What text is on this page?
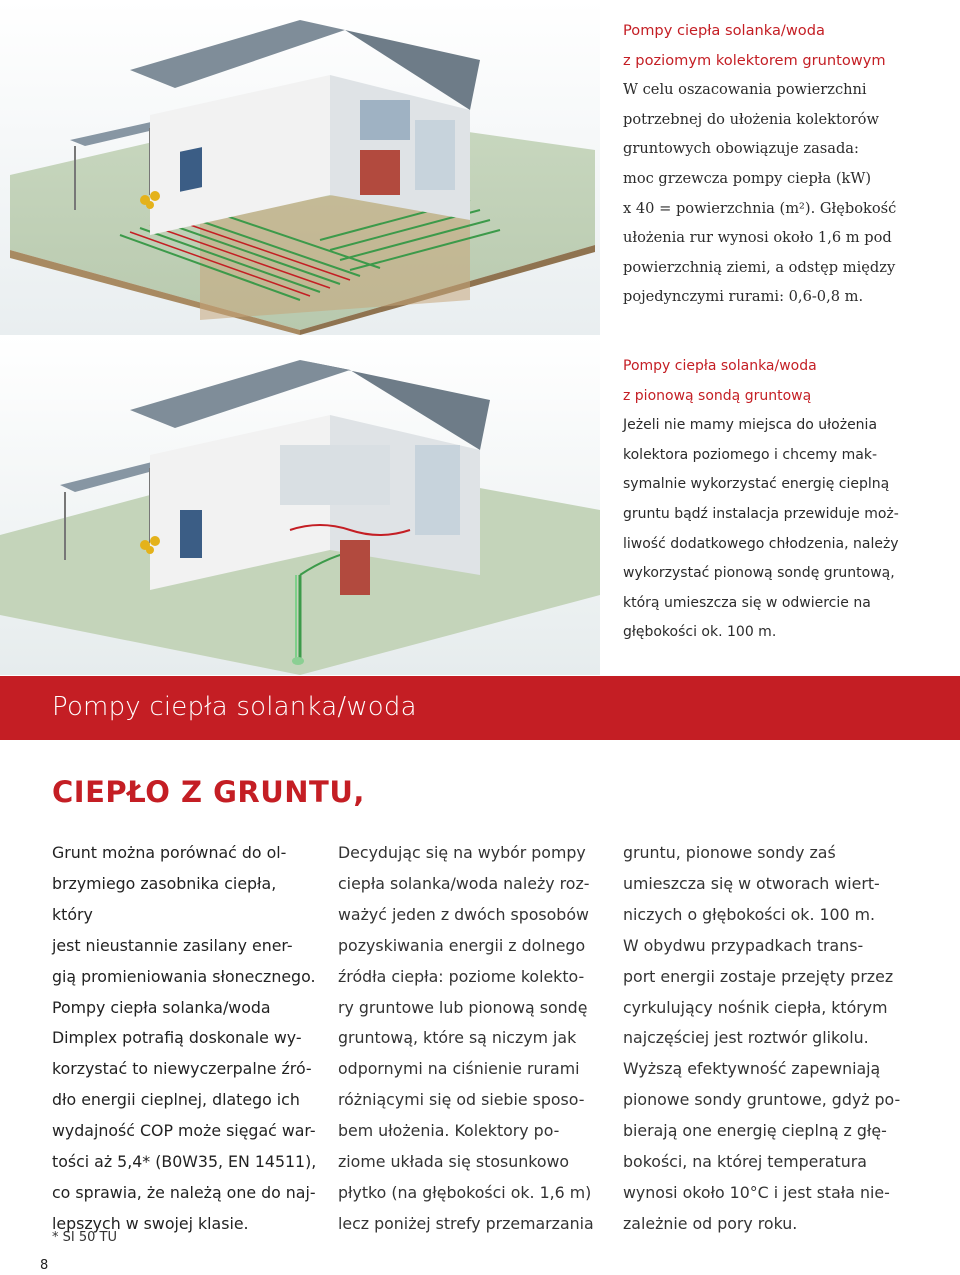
Pompy ciepła solanka/woda
z poziomym kolektorem gruntowym
W celu oszacowania powierzchni
potrzebnej do ułożenia kolektorów
gruntowych obowiązuje zasada:
moc grzewcza pompy ciepła (kW)
x 40 = powierzchnia (m²). Głębokość
ułożenia rur wynosi około 1,6 m pod
powierzchnią ziemi, a odstęp między
pojedynczymi rurami: 0,6-0,8 m.
Pompy ciepła solanka/woda
z pionową sondą gruntową
Jeżeli nie mamy miejsca do ułożenia
kolektora poziomego i chcemy mak-
symalnie wykorzystać energię cieplną
gruntu bądź instalacja przewiduje moż-
liwość dodatkowego chłodzenia, należy
wykorzystać pionową sondę gruntową,
którą umieszcza się w odwiercie na
głębokości ok. 100 m.
Pompy ciepła solanka/woda
CIEPŁO Z GRUNTU,
Grunt można porównać do ol-
brzymiego zasobnika ciepła, który
jest nieustannie zasilany ener-
gią promieniowania słonecznego.
Pompy ciepła solanka/woda
Dimplex potrafią doskonale wy-
korzystać to niewyczerpalne źró-
dło energii cieplnej, dlatego ich
wydajność COP może sięgać war-
tości aż 5,4* (B0W35, EN 14511),
co sprawia, że należą one do naj-
lepszych w swojej klasie.
Decydując się na wybór pompy
ciepła solanka/woda należy roz-
ważyć jeden z dwóch sposobów
pozyskiwania energii z dolnego
źródła ciepła: poziome kolekto-
ry gruntowe lub pionową sondę
gruntową, które są niczym jak
odpornymi na ciśnienie rurami
różniącymi się od siebie sposo-
bem ułożenia. Kolektory po-
ziome układa się stosunkowo
płytko (na głębokości ok. 1,6 m)
lecz poniżej strefy przemarzania
gruntu, pionowe sondy zaś
umieszcza się w otworach wiert-
niczych o głębokości ok. 100 m.
W obydwu przypadkach trans-
port energii zostaje przejęty przez
cyrkulujący nośnik ciepła, którym
najczęściej jest roztwór glikolu.
Wyższą efektywność zapewniają
pionowe sondy gruntowe, gdyż po-
bierają one energię cieplną z głę-
bokości, na której temperatura
wynosi około 10°C i jest stała nie-
zależnie od pory roku.
* SI 50 TU
8
